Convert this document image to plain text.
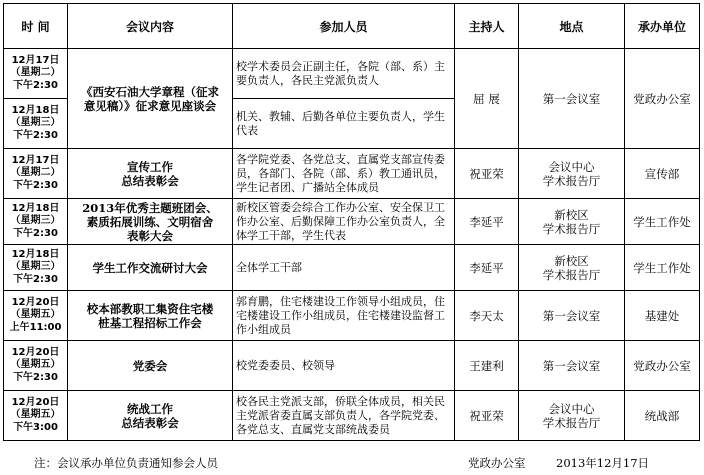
时 间	会议内容	参加人员	主持人	地点	承办单位

12月17日
（星期二）
下午2:30	《西安石油大学章程（征求
意见稿）》征求意见座谈会	校学术委员会正副主任，各院（部、系）主要负责人，各民主党派负责人	屈 展	第一会议室	党政办公室

12月18日
（星期三）
下午2:30		机关、教辅、后勤各单位主要负责人，学生代表			

12月17日
（星期二）
下午2:30	宣传工作
总结表彰会	各学院党委、各党总支、直属党支部宣传委员，各部门、各院（部、系）教工通讯员，学生记者团、广播站全体成员	祝亚荣	会议中心
学术报告厅	宣传部

12月18日
（星期三）
下午2:30	2013年优秀主题班团会、
素质拓展训练、文明宿舍
表彰大会	新校区管委会综合工作办公室、安全保卫工作办公室、后勤保障工作办公室负责人，全体学工干部，学生代表	李延平	新校区
学术报告厅	学生工作处

12月18日
（星期三）
下午2:30	学生工作交流研讨大会	全体学工干部	李延平	新校区
学术报告厅	学生工作处

12月20日
（星期五）
上午11:00	校本部教职工集资住宅楼
桩基工程招标工作会	郭育鹏，住宅楼建设工作领导小组成员，住宅楼建设工作小组成员，住宅楼建设监督工作小组成员	李天太	第一会议室	基建处

12月20日
（星期五）
下午2:30	党委会	校党委委员、校领导	王建利	第一会议室	党政办公室

12月20日
（星期五）
下午3:00	统战工作
总结表彰会	校各民主党派支部，侨联全体成员，相关民主党派省委直属支部负责人，各学院党委、各党总支、直属党支部统战委员	祝亚荣	会议中心
学术报告厅	统战部
注：会议承办单位负责通知参会人员	党政办公室	2013年12月17日
